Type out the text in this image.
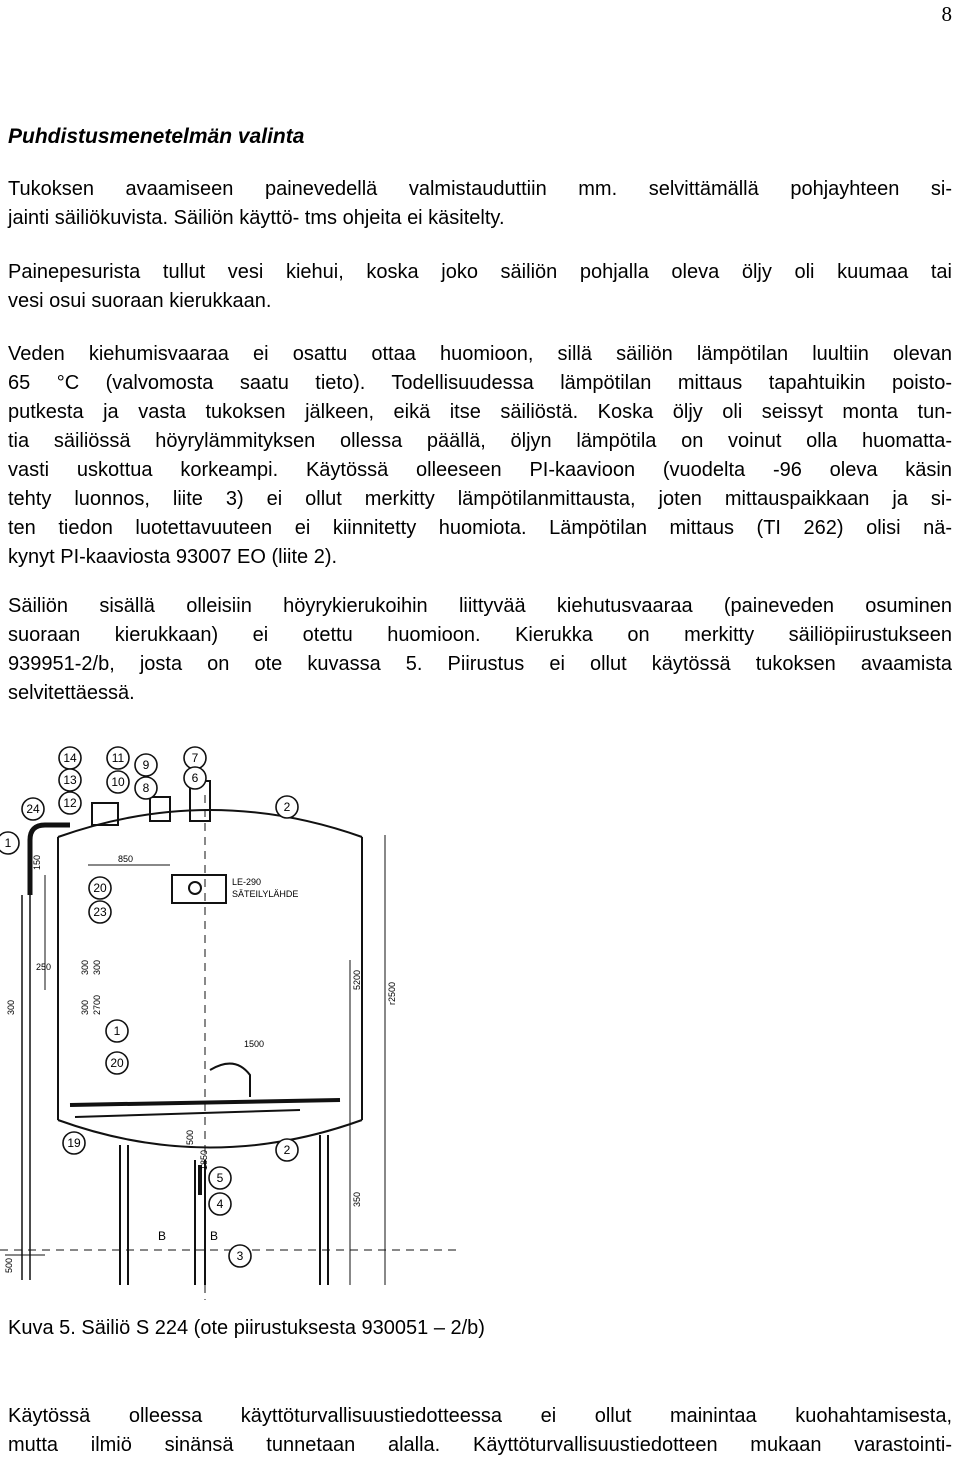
8
Puhdistusmenetelmän valinta

Tukoksen avaamiseen painevedellä valmistauduttiin mm. selvittämällä pohjayhteen si-
jainti säiliökuvista. Säiliön käyttö- tms ohjeita ei käsitelty.

Painepesurista tullut vesi kiehui, koska joko säiliön pohjalla oleva öljy oli kuumaa tai
vesi osui suoraan kierukkaan.

Veden kiehumisvaaraa ei osattu ottaa huomioon, sillä säiliön lämpötilan luultiin olevan
65 °C (valvomosta saatu tieto). Todellisuudessa lämpötilan mittaus tapahtuikin poisto-
putkesta ja vasta tukoksen jälkeen, eikä itse säiliöstä. Koska öljy oli seissyt monta tun-
tia säiliössä höyrylämmityksen ollessa päällä, öljyn lämpötila on voinut olla huomatta-
vasti uskottua korkeampi. Käytössä olleeseen PI-kaavioon (vuodelta -96 oleva käsin
tehty luonnos, liite 3) ei ollut merkitty lämpötilanmittausta, joten mittauspaikkaan ja si-
ten tiedon luotettavuuteen ei kiinnitetty huomiota. Lämpötilan mittaus (TI 262) olisi nä-
kynyt PI-kaaviosta 93007 EO (liite 2).

Säiliön sisällä olleisiin höyrykierukoihin liittyvää kiehutusvaaraa (paineveden osuminen
suoraan kierukkaan) ei otettu huomioon. Kierukka on merkitty säiliöpiirustukseen
939951-2/b, josta on ote kuvassa 5. Piirustus ei ollut käytössä tukoksen avaamista
selvitettäessä.

14
13
12
24
11
10
9
8
7
6
2
1
20
23
1
20
19	2
5
4
B	B
3
850
150
250
300
300 300
300 2700
5200
r2500
1500
500
1850
350
500
LE-290
SÄTEILYLÄHDE

Kuva 5. Säiliö S 224 (ote piirustuksesta 930051 – 2/b)

Käytössä olleessa käyttöturvallisuustiedotteessa ei ollut mainintaa kuohahtamisesta,
mutta ilmiö sinänsä tunnetaan alalla. Käyttöturvallisuustiedotteen mukaan varastointi-
